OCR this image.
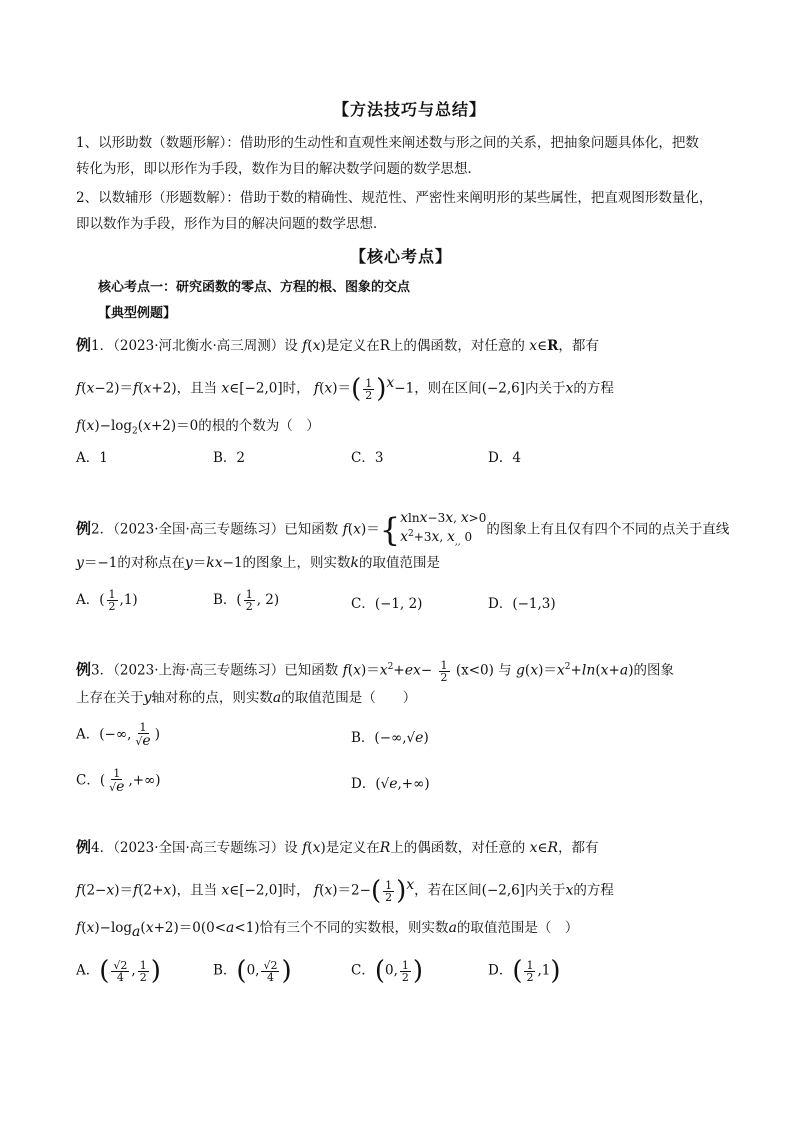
【方法技巧与总结】
1、以形助数（数题形解）：借助形的生动性和直观性来阐述数与形之间的关系，把抽象问题具体化，把数
转化为形，即以形作为手段，数作为目的解决数学问题的数学思想．
2、以数辅形（形题数解）：借助于数的精确性、规范性、严密性来阐明形的某些属性，把直观图形数量化，
即以数作为手段，形作为目的解决问题的数学思想．
【核心考点】
核心考点一：研究函数的零点、方程的根、图象的交点
【典型例题】
例1．（2023·河北衡水·高三周测）设 f(x)是定义在R上的偶函数，对任意的 x∈R，都有
f(x−2)＝f(x+2)，且当 x∈[−2,0]时， $f(x)=( \frac{1}{2} )^x-1$，则在区间(−2,6]内关于x的方程
$f(x)-\log_2(x+2)=0$的根的个数为（　）
A．1	B．2	C．3	D．4
例2．（2023·全国·高三专题练习）已知函数 f(x)＝{xlnx−3x, x>0
$x^2+3x$, $x_{,,}$ 0 的图象上有且仅有四个不同的点关于直线
y＝−1的对称点在y＝kx−1的图象上，则实数k的取值范围是
A．( $\frac{1}{2} ,1$)	B．( $\frac{1}{2}$ , 2)	C．(−1, 2)	D．(−1,3)
例3．（2023·上海·高三专题练习）已知函数 $f(x)=x^2+ex- \frac{1}{2} (x<0)$ 与 $g(x)=x^2+\ln(x+a)$的图象
上存在关于y轴对称的点，则实数a的取值范围是（　　）
A．(−∞, $\frac{1}{√e}$ )	B．(−∞,√e)
C．( $\frac{1}{√e}$ ,+∞)	D．(√e,+∞)
例4．（2023·全国·高三专题练习）设 f(x)是定义在R上的偶函数，对任意的 x∈R，都有
f(2−x)＝f(2+x)，且当 x∈[−2,0]时， $f(x)=2-( \frac{1}{2} )^x$，若在区间(−2,6]内关于x的方程
$f(x)-\log_a(x+2)=0(0<a<1)$恰有三个不同的实数根，则实数a的取值范围是（　）
A．( $\frac{√2}{4}$ , $\frac{1}{2}$ )	B．(0, $\frac{√2}{4}$ )	C．(0, $\frac{1}{2}$ )	D．( $\frac{1}{2} ,1$)
